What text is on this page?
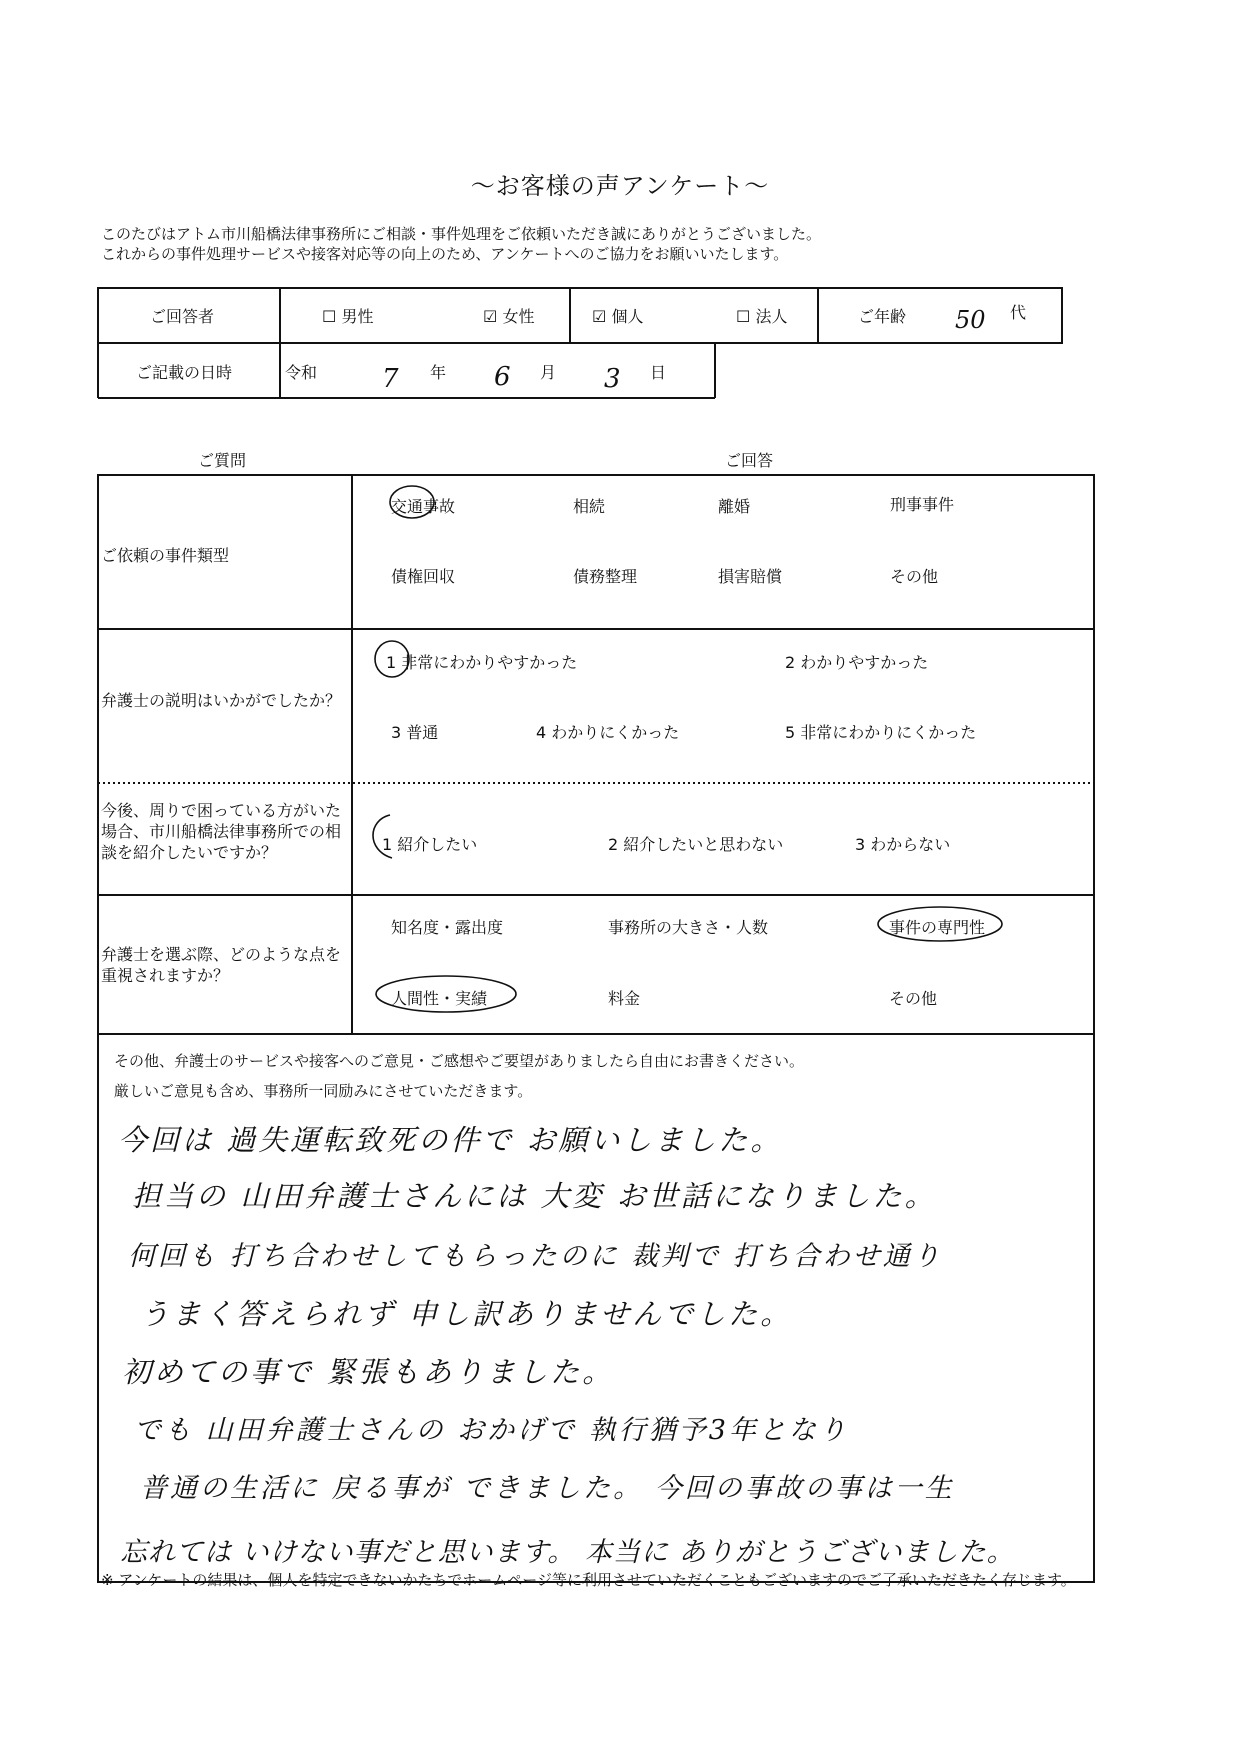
～お客様の声アンケート～
このたびはアトム市川船橋法律事務所にご相談・事件処理をご依頼いただき誠にありがとうございました。
これからの事件処理サービスや接客対応等の向上のため、アンケートへのご協力をお願いいたします。
ご回答者	☐ 男性	☑ 女性	☑ 個人	☐ 法人	ご年齢 50 代
ご記載の日時	令和 7 年 6 月 3 日
ご質問	ご回答
ご依頼の事件類型
交通事故	相続	離婚	刑事事件
債権回収	債務整理	損害賠償	その他
弁護士の説明はいかがでしたか？
1 非常にわかりやすかった	2 わかりやすかった
3 普通	4 わかりにくかった	5 非常にわかりにくかった
今後、周りで困っている方がいた場合、市川船橋法律事務所での相談を紹介したいですか？	1 紹介したい	2 紹介したいと思わない	3 わからない
弁護士を選ぶ際、どのような点を重視されますか？
知名度・露出度	事務所の大きさ・人数	事件の専門性
人間性・実績	料金	その他
その他、弁護士のサービスや接客へのご意見・ご感想やご要望がありましたら自由にお書きください。
厳しいご意見も含め、事務所一同励みにさせていただきます。
今回は 過失運転致死の件で お願いしました。
担当の 山田弁護士さんには 大変 お世話になりました。
何回も 打ち合わせしてもらったのに 裁判で 打ち合わせ通り
うまく答えられず 申し訳ありませんでした。
初めての事で 緊張もありました。
でも 山田弁護士さんの おかげで 執行猶予3年となり
普通の生活に 戻る事が できました。 今回の事故の事は一生
忘れては いけない事だと思います。 本当に ありがとうございました。
※ アンケートの結果は、個人を特定できないかたちでホームページ等に利用させていただくこともございますのでご了承いただきたく存じます。
